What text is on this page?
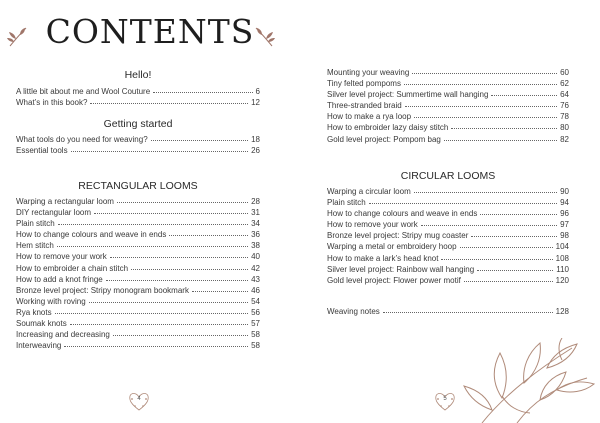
CONTENTS
Hello!
A little bit about me and Wool Couture	6
What’s in this book?	12
Getting started
What tools do you need for weaving?	18
Essential tools	26
RECTANGULAR LOOMS
Warping a rectangular loom	28
DIY rectangular loom	31
Plain stitch	34
How to change colours and weave in ends	36
Hem stitch	38
How to remove your work	40
How to embroider a chain stitch	42
How to add a knot fringe	43
Bronze level project: Stripy monogram bookmark	46
Working with roving	54
Rya knots	56
Soumak knots	57
Increasing and decreasing	58
Interweaving	58
4
Mounting your weaving	60
Tiny felted pompoms	62
Silver level project: Summertime wall hanging	64
Three-stranded braid	76
How to make a rya loop	78
How to embroider lazy daisy stitch	80
Gold level project: Pompom bag	82
CIRCULAR LOOMS
Warping a circular loom	90
Plain stitch	94
How to change colours and weave in ends	96
How to remove your work	97
Bronze level project: Stripy mug coaster	98
Warping a metal or embroidery hoop	104
How to make a lark’s head knot	108
Silver level project: Rainbow wall hanging	110
Gold level project: Flower power motif	120
Weaving notes	128
5
